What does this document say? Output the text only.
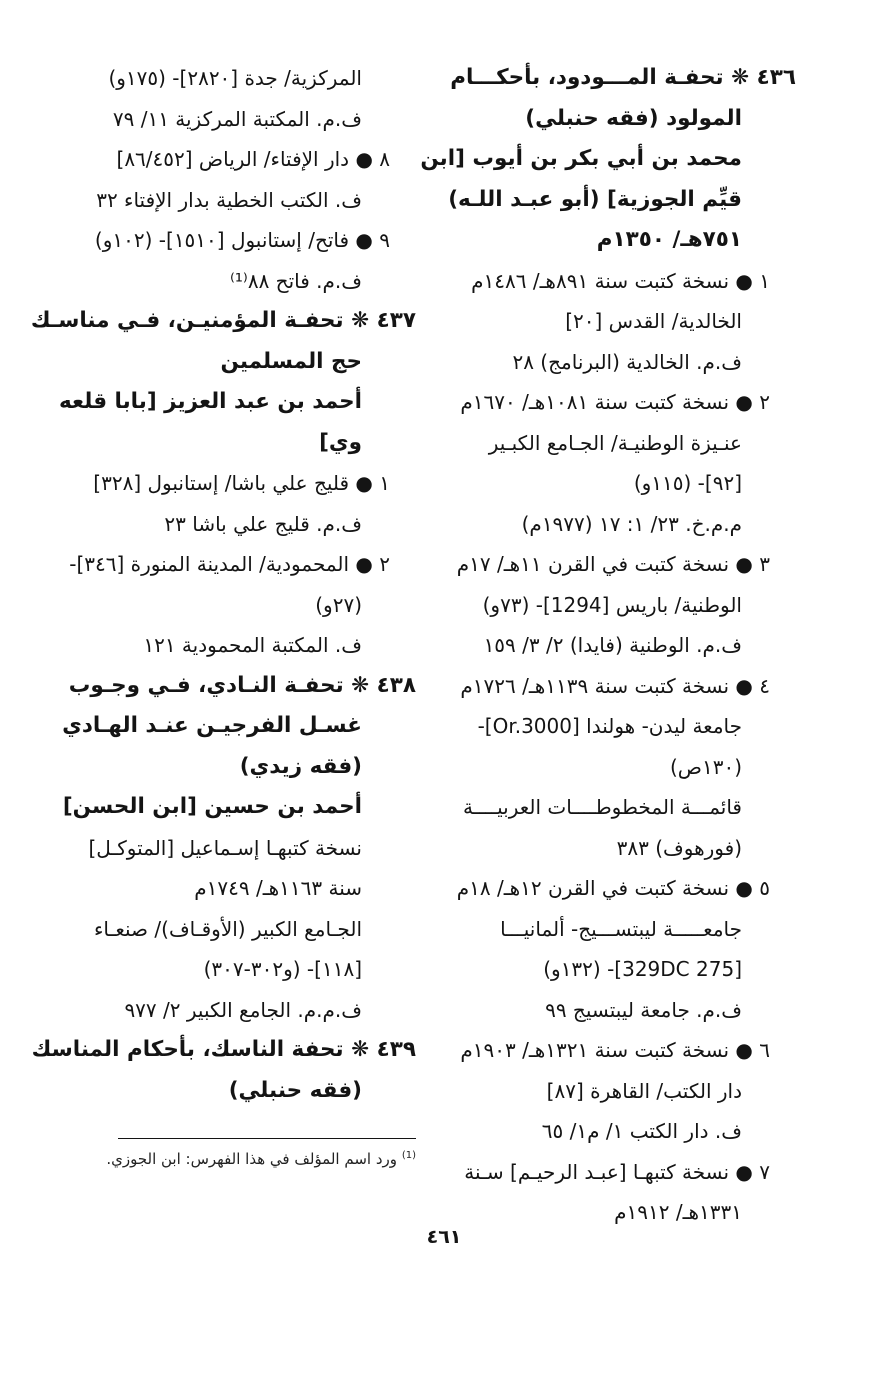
٤٣٦ ❋ تحفـة المـــودود، بأحكـــام
المولود (فقه حنبلي)
محمد بن أبي بكر بن أيوب [ابن
قيِّم الجوزية] (أبو عبـد اللـه)
٧٥١هـ/ ١٣٥٠م
١ ● نسخة كتبت سنة ٨٩١هـ/ ١٤٨٦م
الخالدية/ القدس [٢٠]
ف.م. الخالدية (البرنامج) ٢٨
٢ ● نسخة كتبت سنة ١٠٨١هـ/ ١٦٧٠م
عنـيزة الوطنيـة/ الجـامع الكبـير
[٩٢]- (١١٥و)
م.م.خ. ٢٣/ ١: ١٧ (١٩٧٧م)
٣ ● نسخة كتبت في القرن ١١هـ/ ١٧م
الوطنية/ باريس [1294]- (٧٣و)
ف.م. الوطنية (فايدا) ٢/ ٣/ ١٥٩
٤ ● نسخة كتبت سنة ١١٣٩هـ/ ١٧٢٦م
جامعة ليدن- هولندا [Or.3000]-
(١٣٠ص)
قائمـــة المخطوطــــات العربيــــة
(فورهوف) ٣٨٣
٥ ● نسخة كتبت في القرن ١٢هـ/ ١٨م
جامعـــــة ليبتســـيج- ألمانيـــا
[329DC 275]- (١٣٢و)
ف.م. جامعة ليبتسيج ٩٩
٦ ● نسخة كتبت سنة ١٣٢١هـ/ ١٩٠٣م
دار الكتب/ القاهرة [٨٧]
ف. دار الكتب ١/ م١/ ٦٥
٧ ● نسخة كتبهـا [عبـد الرحيـم] سـنة
١٣٣١هـ/ ١٩١٢م
المركزية/ جدة [٢٨٢٠]- (١٧٥و)
ف.م. المكتبة المركزية ١١/ ٧٩
٨ ● دار الإفتاء/ الرياض [٨٦/٤٥٢]
ف. الكتب الخطية بدار الإفتاء ٣٢
٩ ● فاتح/ إستانبول [١٥١٠]- (١٠٢و)
ف.م. فاتح ٨٨⁽¹⁾
٤٣٧ ❋ تحفـة المؤمنيـن، فـي مناسـك
حج المسلمين
أحمد بن عبد العزيز [بابا قلعه
وي]
١ ● قليج علي باشا/ إستانبول [٣٢٨]
ف.م. قليج علي باشا ٢٣
٢ ● المحمودية/ المدينة المنورة [٣٤٦]-
(٢٧و)
ف. المكتبة المحمودية ١٢١
٤٣٨ ❋ تحفـة النـادي، فـي وجـوب
غسـل الفرجيـن عنـد الهـادي
(فقه زيدي)
أحمد بن حسين [ابن الحسن]
نسخة كتبهـا إسـماعيل [المتوكـل]
سنة ١١٦٣هـ/ ١٧٤٩م
الجـامع الكبير (الأوقـاف)/ صنعـاء
[١١٨]- (و٣٠٢-٣٠٧)
ف.م.م. الجامع الكبير ٢/ ٩٧٧
٤٣٩ ❋ تحفة الناسك، بأحكام المناسك
(فقه حنبلي)
$^{(1)}$ ورد اسم المؤلف في هذا الفهرس: ابن الجوزي.
٤٦١
